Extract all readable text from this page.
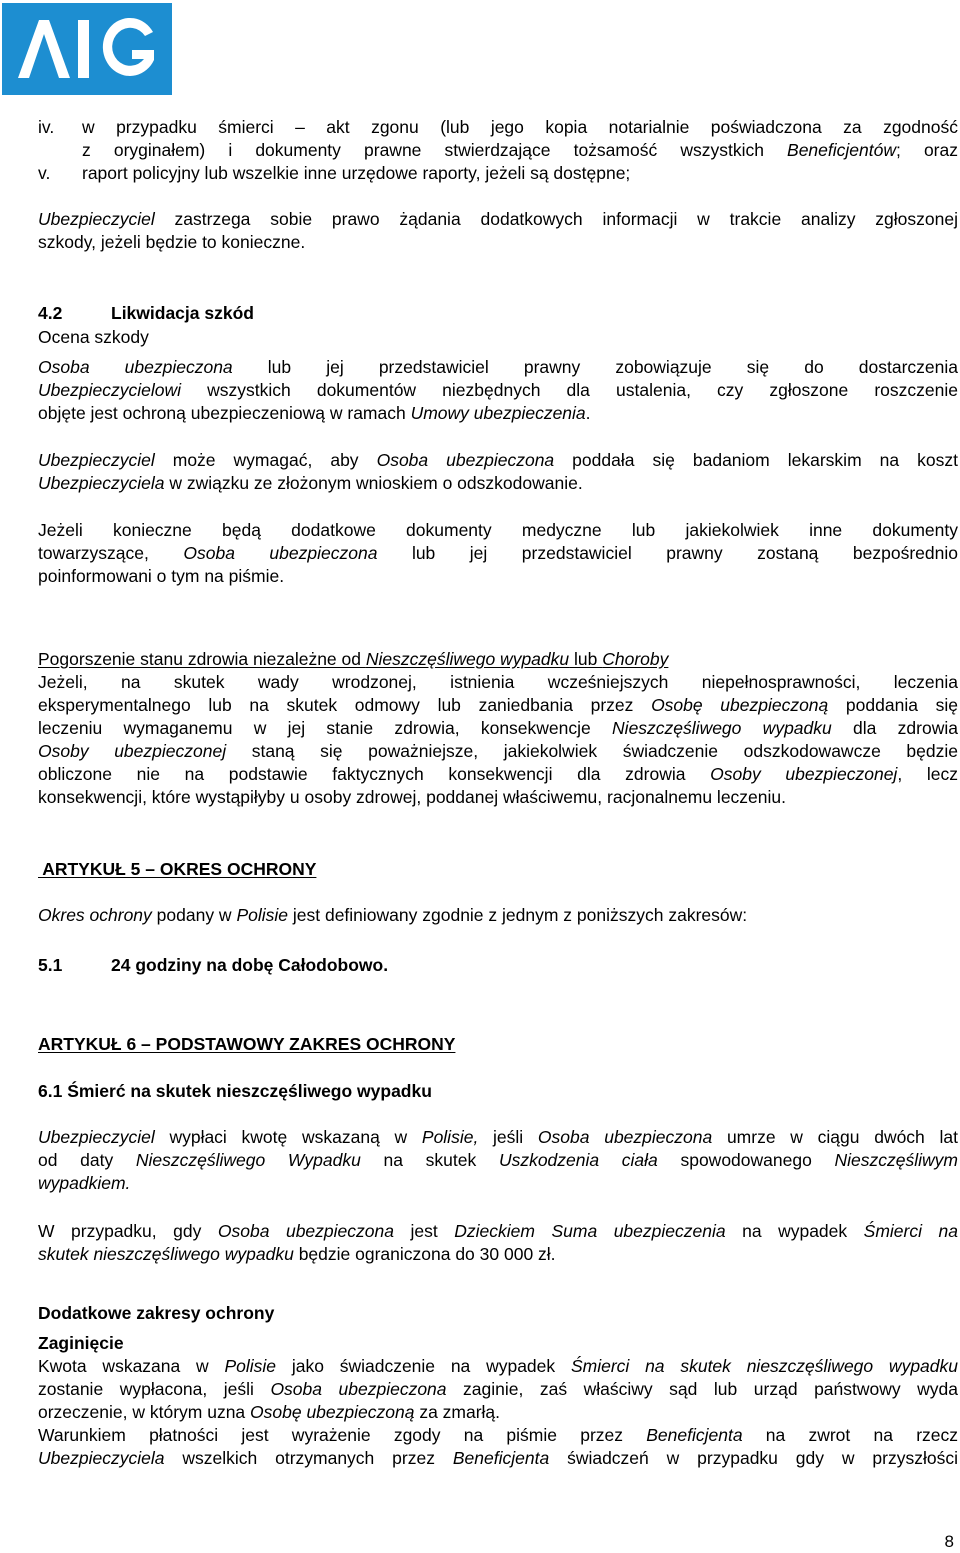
iv. w przypadku śmierci – akt zgonu (lub jego kopia notarialnie poświadczona za zgodność
z oryginałem) i dokumenty prawne stwierdzające tożsamość wszystkich Beneficjentów; oraz
v. raport policyjny lub wszelkie inne urzędowe raporty, jeżeli są dostępne;
Ubezpieczyciel zastrzega sobie prawo żądania dodatkowych informacji w trakcie analizy zgłoszonej
szkody, jeżeli będzie to konieczne.
4.2	Likwidacja szkód
Ocena szkody
Osoba ubezpieczona lub jej przedstawiciel prawny zobowiązuje się do dostarczenia
Ubezpieczycielowi wszystkich dokumentów niezbędnych dla ustalenia, czy zgłoszone roszczenie
objęte jest ochroną ubezpieczeniową w ramach Umowy ubezpieczenia.
Ubezpieczyciel może wymagać, aby Osoba ubezpieczona poddała się badaniom lekarskim na koszt
Ubezpieczyciela w związku ze złożonym wnioskiem o odszkodowanie.
Jeżeli konieczne będą dodatkowe dokumenty medyczne lub jakiekolwiek inne dokumenty
towarzyszące, Osoba ubezpieczona lub jej przedstawiciel prawny zostaną bezpośrednio
poinformowani o tym na piśmie.
Pogorszenie stanu zdrowia niezależne od Nieszczęśliwego wypadku lub Choroby
Jeżeli, na skutek wady wrodzonej, istnienia wcześniejszych niepełnosprawności, leczenia
eksperymentalnego lub na skutek odmowy lub zaniedbania przez Osobę ubezpieczoną poddania się
leczeniu wymaganemu w jej stanie zdrowia, konsekwencje Nieszczęśliwego wypadku dla zdrowia
Osoby ubezpieczonej staną się poważniejsze, jakiekolwiek świadczenie odszkodowawcze będzie
obliczone nie na podstawie faktycznych konsekwencji dla zdrowia Osoby ubezpieczonej, lecz
konsekwencji, które wystąpiłyby u osoby zdrowej, poddanej właściwemu, racjonalnemu leczeniu.
ARTYKUŁ 5 – OKRES OCHRONY
Okres ochrony podany w Polisie jest definiowany zgodnie z jednym z poniższych zakresów:
5.1	24 godziny na dobę Całodobowo.
ARTYKUŁ 6 – PODSTAWOWY ZAKRES OCHRONY
6.1 Śmierć na skutek nieszczęśliwego wypadku
Ubezpieczyciel wypłaci kwotę wskazaną w Polisie, jeśli Osoba ubezpieczona umrze w ciągu dwóch lat
od daty Nieszczęśliwego Wypadku na skutek Uszkodzenia ciała spowodowanego Nieszczęśliwym
wypadkiem.
W przypadku, gdy Osoba ubezpieczona jest Dzieckiem Suma ubezpieczenia na wypadek Śmierci na
skutek nieszczęśliwego wypadku będzie ograniczona do 30 000 zł.
Dodatkowe zakresy ochrony
Zaginięcie
Kwota wskazana w Polisie jako świadczenie na wypadek Śmierci na skutek nieszczęśliwego wypadku
zostanie wypłacona, jeśli Osoba ubezpieczona zaginie, zaś właściwy sąd lub urząd państwowy wyda
orzeczenie, w którym uzna Osobę ubezpieczoną za zmarłą.
Warunkiem płatności jest wyrażenie zgody na piśmie przez Beneficjenta na zwrot na rzecz
Ubezpieczyciela wszelkich otrzymanych przez Beneficjenta świadczeń w przypadku gdy w przyszłości
8
